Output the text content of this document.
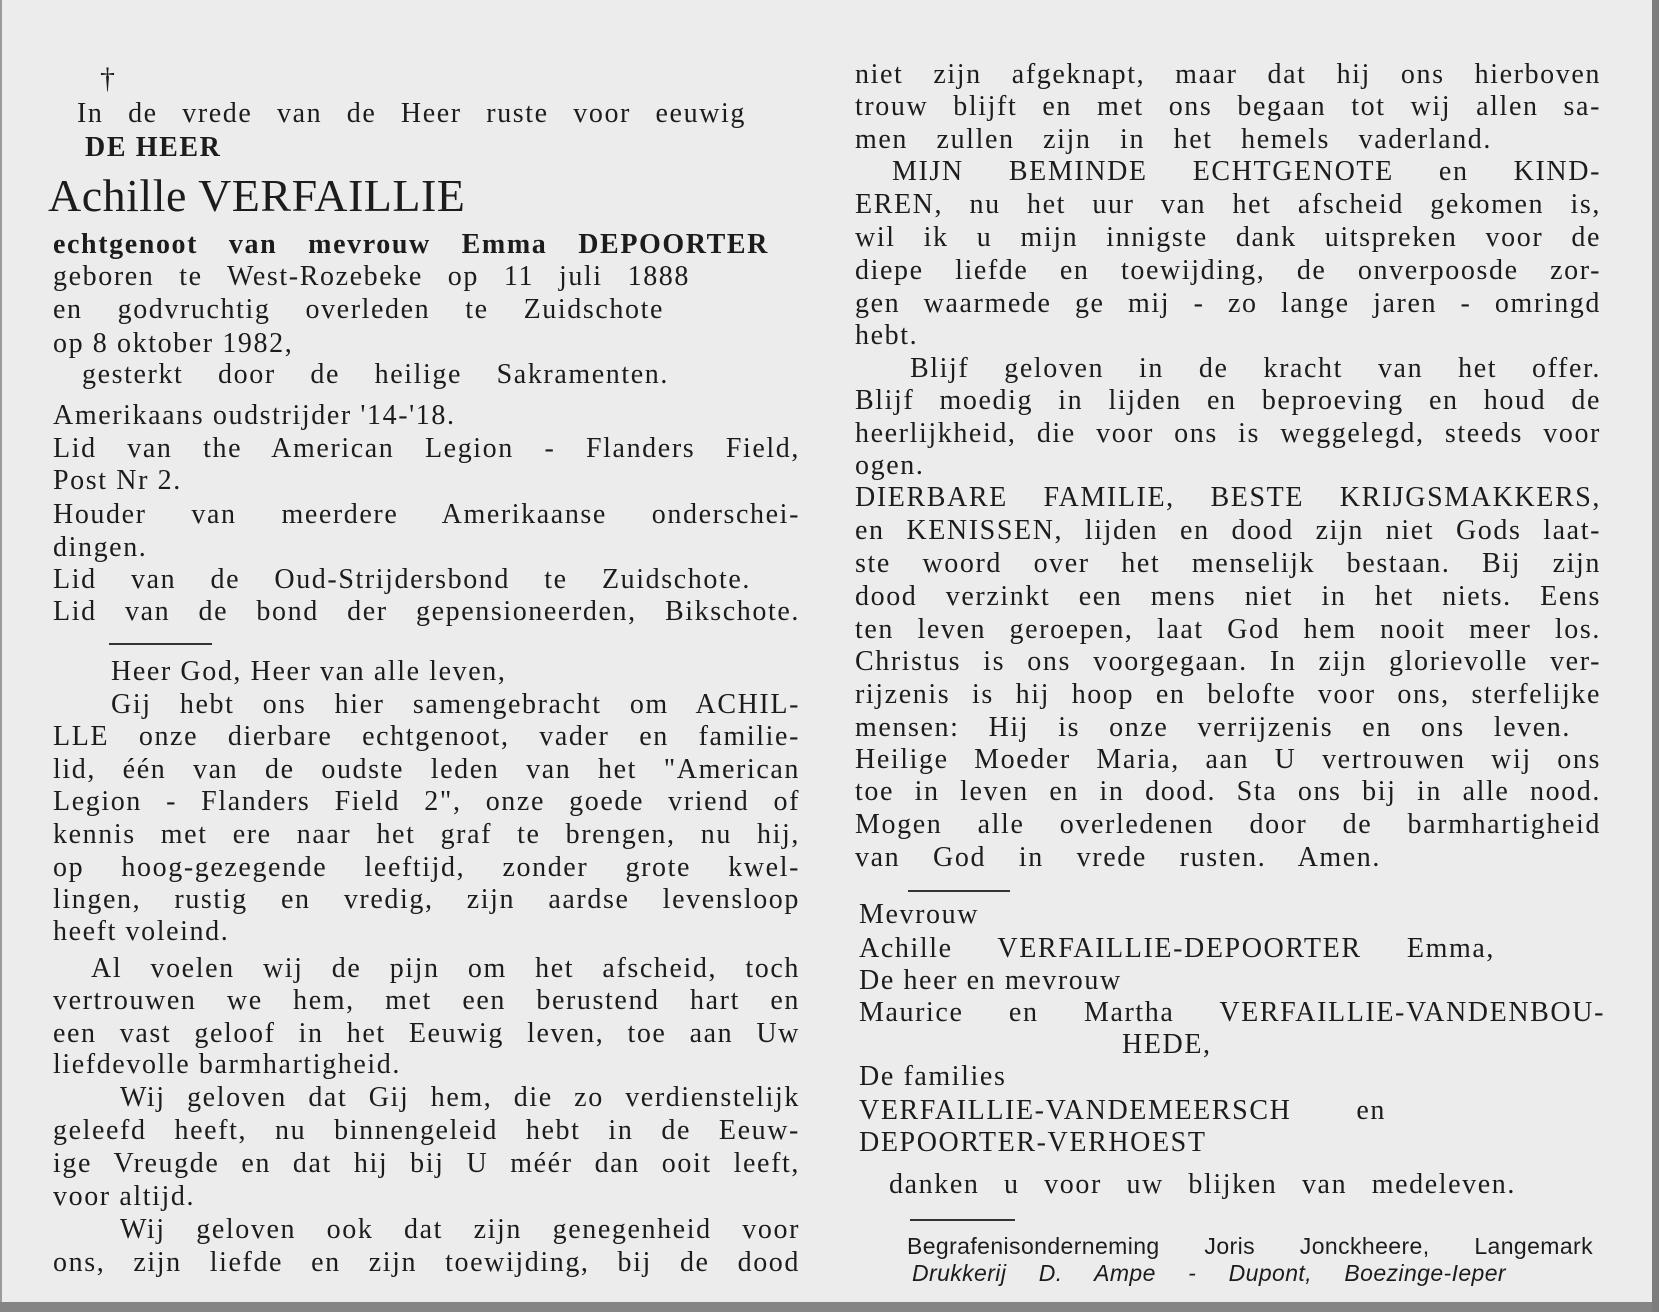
†
In de vrede van de Heer ruste voor eeuwig
DE HEER
Achille VERFAILLIE
echtgenoot van mevrouw Emma DEPOORTER
geboren te West-Rozebeke op 11 juli 1888
en godvruchtig overleden te Zuidschote
op 8 oktober 1982,
gesterkt door de heilige Sakramenten.
Amerikaans oudstrijder '14-'18.
Lid van the American Legion - Flanders Field,
Post Nr 2.
Houder van meerdere Amerikaanse onderschei-
dingen.
Lid van de Oud-Strijdersbond te Zuidschote.
Lid van de bond der gepensioneerden, Bikschote.
Heer God, Heer van alle leven,
Gij hebt ons hier samengebracht om ACHIL-
LLE onze dierbare echtgenoot, vader en familie-
lid, één van de oudste leden van het "American
Legion - Flanders Field 2", onze goede vriend of
kennis met ere naar het graf te brengen, nu hij,
op hoog-gezegende leeftijd, zonder grote kwel-
lingen, rustig en vredig, zijn aardse levensloop
heeft voleind.
Al voelen wij de pijn om het afscheid, toch
vertrouwen we hem, met een berustend hart en
een vast geloof in het Eeuwig leven, toe aan Uw
liefdevolle barmhartigheid.
Wij geloven dat Gij hem, die zo verdienstelijk
geleefd heeft, nu binnengeleid hebt in de Eeuw-
ige Vreugde en dat hij bij U méér dan ooit leeft,
voor altijd.
Wij geloven ook dat zijn genegenheid voor
ons, zijn liefde en zijn toewijding, bij de dood
niet zijn afgeknapt, maar dat hij ons hierboven
trouw blijft en met ons begaan tot wij allen sa-
men zullen zijn in het hemels vaderland.
MIJN BEMINDE ECHTGENOTE en KIND-
EREN, nu het uur van het afscheid gekomen is,
wil ik u mijn innigste dank uitspreken voor de
diepe liefde en toewijding, de onverpoosde zor-
gen waarmede ge mij - zo lange jaren - omringd
hebt.
Blijf geloven in de kracht van het offer.
Blijf moedig in lijden en beproeving en houd de
heerlijkheid, die voor ons is weggelegd, steeds voor
ogen.
DIERBARE FAMILIE, BESTE KRIJGSMAKKERS,
en KENISSEN, lijden en dood zijn niet Gods laat-
ste woord over het menselijk bestaan. Bij zijn
dood verzinkt een mens niet in het niets. Eens
ten leven geroepen, laat God hem nooit meer los.
Christus is ons voorgegaan. In zijn glorievolle ver-
rijzenis is hij hoop en belofte voor ons, sterfelijke
mensen: Hij is onze verrijzenis en ons leven.
Heilige Moeder Maria, aan U vertrouwen wij ons
toe in leven en in dood. Sta ons bij in alle nood.
Mogen alle overledenen door de barmhartigheid
van God in vrede rusten. Amen.
Mevrouw
Achille VERFAILLIE-DEPOORTER Emma,
De heer en mevrouw
Maurice en Martha VERFAILLIE-VANDENBOU-
HEDE,
De families
VERFAILLIE-VANDEMEERSCH en
DEPOORTER-VERHOEST
danken u voor uw blijken van medeleven.
Begrafenisonderneming Joris Jonckheere, Langemark
Drukkerij D. Ampe - Dupont, Boezinge-Ieper
